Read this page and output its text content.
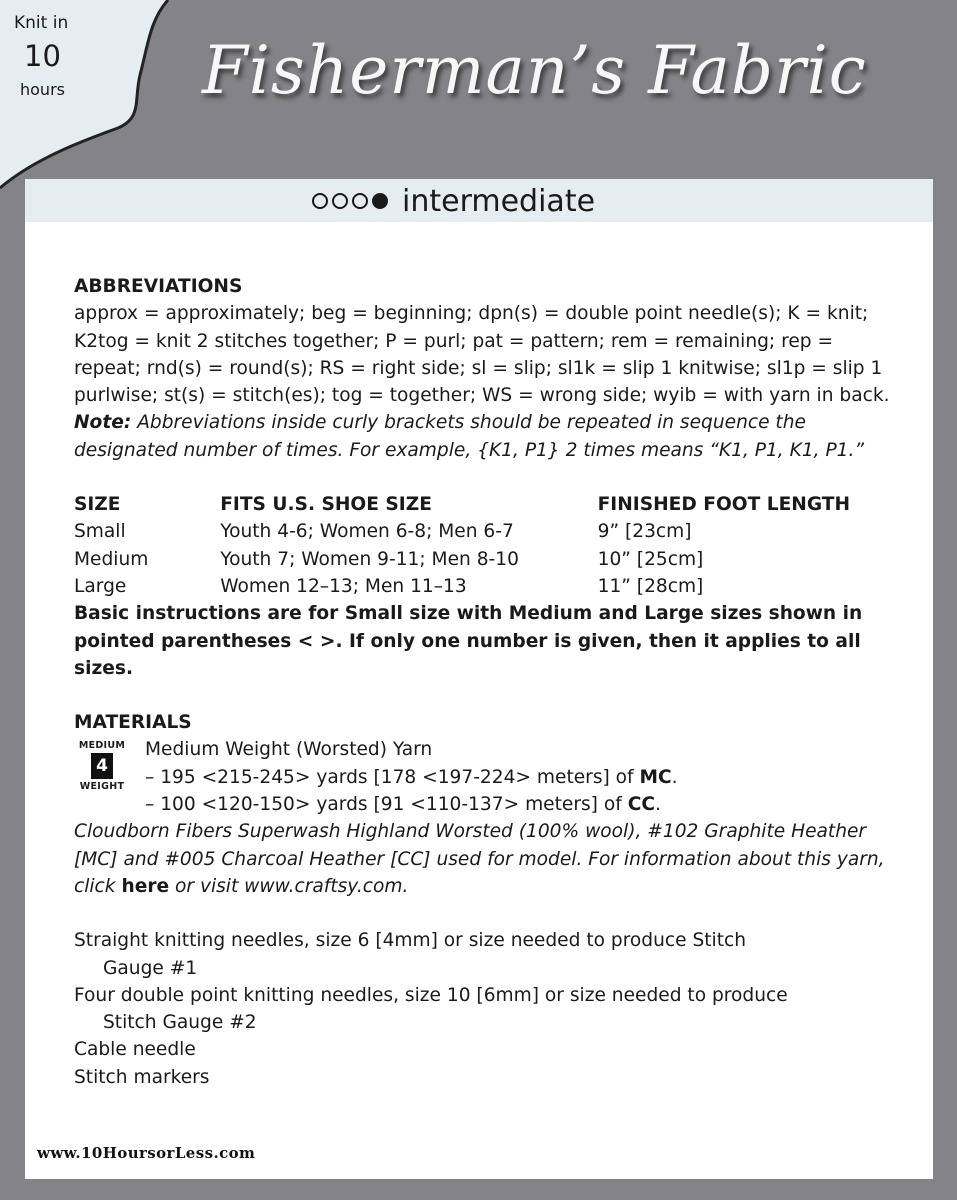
Knit in
10
hours Fisherman’s Fabric
intermediate

ABBREVIATIONS

approx = approximately; beg = beginning; dpn(s) = double point needle(s); K = knit; K2tog = knit 2 stitches together; P = purl; pat = pattern; rem = remaining; rep = repeat; rnd(s) = round(s); RS = right side; sl = slip; sl1k = slip 1 knitwise; sl1p = slip 1 purlwise; st(s) = stitch(es); tog = together; WS = wrong side; wyib = with yarn in back. Note: Abbreviations inside curly brackets should be repeated in sequence the designated number of times. For example, {K1, P1} 2 times means “K1, P1, K1, P1.”

SIZE	FITS U.S. SHOE SIZE	FINISHED FOOT LENGTH
Small	Youth 4-6; Women 6-8; Men 6-7	9” [23cm]
Medium	Youth 7; Women 9-11; Men 8-10	10” [25cm]
Large	Women 12–13; Men 11–13	11” [28cm]

Basic instructions are for Small size with Medium and Large sizes shown in pointed parentheses < >. If only one number is given, then it applies to all sizes.

MATERIALS

MEDIUM
4
WEIGHT

Medium Weight (Worsted) Yarn

– 195 <215-245> yards [178 <197-224> meters] of MC.

– 100 <120-150> yards [91 <110-137> meters] of CC.

Cloudborn Fibers Superwash Highland Worsted (100% wool), #102 Graphite Heather [MC] and #005 Charcoal Heather [CC] used for model. For information about this yarn, click here or visit www.craftsy.com.

Straight knitting needles, size 6 [4mm] or size needed to produce Stitch

Gauge #1

Four double point knitting needles, size 10 [6mm] or size needed to produce

Stitch Gauge #2

Cable needle

Stitch markers

www.10HoursorLess.com
